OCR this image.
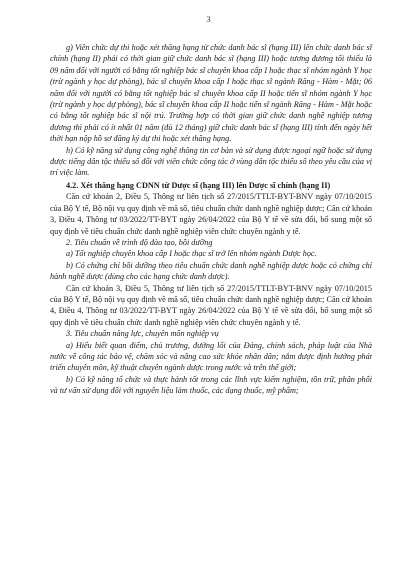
3

g) Viên chức dự thi hoặc xét thăng hạng từ chức danh bác sĩ (hạng III) lên chức danh bác sĩ chính (hạng II) phải có thời gian giữ chức danh bác sĩ (hạng III) hoặc tương đương tối thiểu là 09 năm đối với người có bằng tốt nghiệp bác sĩ chuyên khoa cấp I hoặc thạc sĩ nhóm ngành Y học (trừ ngành y học dự phòng), bác sĩ chuyên khoa cấp I hoặc thạc sĩ ngành Răng - Hàm - Mặt; 06 năm đối với người có bằng tốt nghiệp bác sĩ chuyên khoa cấp II hoặc tiến sĩ nhóm ngành Y học (trừ ngành y học dự phòng), bác sĩ chuyên khoa cấp II hoặc tiến sĩ ngành Răng - Hàm - Mặt hoặc có bằng tốt nghiệp bác sĩ nội trú. Trường hợp có thời gian giữ chức danh nghề nghiệp tương đương thì phải có ít nhất 01 năm (đủ 12 tháng) giữ chức danh bác sĩ (hạng III) tính đến ngày hết thời hạn nộp hồ sơ đăng ký dự thi hoặc xét thăng hạng.

h) Có kỹ năng sử dụng công nghệ thông tin cơ bản và sử dụng được ngoại ngữ hoặc sử dụng được tiếng dân tộc thiểu số đối với viên chức công tác ở vùng dân tộc thiểu số theo yêu cầu của vị trí việc làm.

4.2. Xét thăng hạng CDNN từ Dược sĩ (hạng III) lên Dược sĩ chính (hạng II)

Căn cứ khoản 2, Điều 5, Thông tư liên tịch số 27/2015/TTLT-BYT-BNV ngày 07/10/2015 của Bộ Y tế, Bộ nội vụ quy định về mã số, tiêu chuẩn chức danh nghề nghiệp dược; Căn cứ khoản 3, Điều 4, Thông tư 03/2022/TT-BYT ngày 26/04/2022 của Bộ Y tế về sửa đổi, bổ sung một số quy định về tiêu chuẩn chức danh nghề nghiệp viên chức chuyên ngành y tế.

2. Tiêu chuẩn về trình độ đào tạo, bồi dưỡng

a) Tốt nghiệp chuyên khoa cấp I hoặc thạc sĩ trở lên nhóm ngành Dược học.

b) Có chứng chỉ bồi dưỡng theo tiêu chuẩn chức danh nghề nghiệp dược hoặc có chứng chỉ hành nghề dược (dùng cho các hạng chức danh dược).

Căn cứ khoản 3, Điều 5, Thông tư liên tịch số 27/2015/TTLT-BYT-BNV ngày 07/10/2015 của Bộ Y tế, Bộ nội vụ quy định về mã số, tiêu chuẩn chức danh nghề nghiệp dược; Căn cứ khoản 4, Điều 4, Thông tư 03/2022/TT-BYT ngày 26/04/2022 của Bộ Y tế về sửa đổi, bổ sung một số quy định về tiêu chuẩn chức danh nghề nghiệp viên chức chuyên ngành y tế.

3. Tiêu chuẩn năng lực, chuyên môn nghiệp vụ

a) Hiểu biết quan điểm, chủ trương, đường lối của Đảng, chính sách, pháp luật của Nhà nước về công tác bảo vệ, chăm sóc và nâng cao sức khỏe nhân dân; nắm được định hướng phát triển chuyên môn, kỹ thuật chuyên ngành dược trong nước và trên thế giới;

b) Có kỹ năng tổ chức và thực hành tốt trong các lĩnh vực kiểm nghiệm, tồn trữ, phân phối và tư vấn sử dụng đối với nguyên liệu làm thuốc, các dạng thuốc, mỹ phẩm;
